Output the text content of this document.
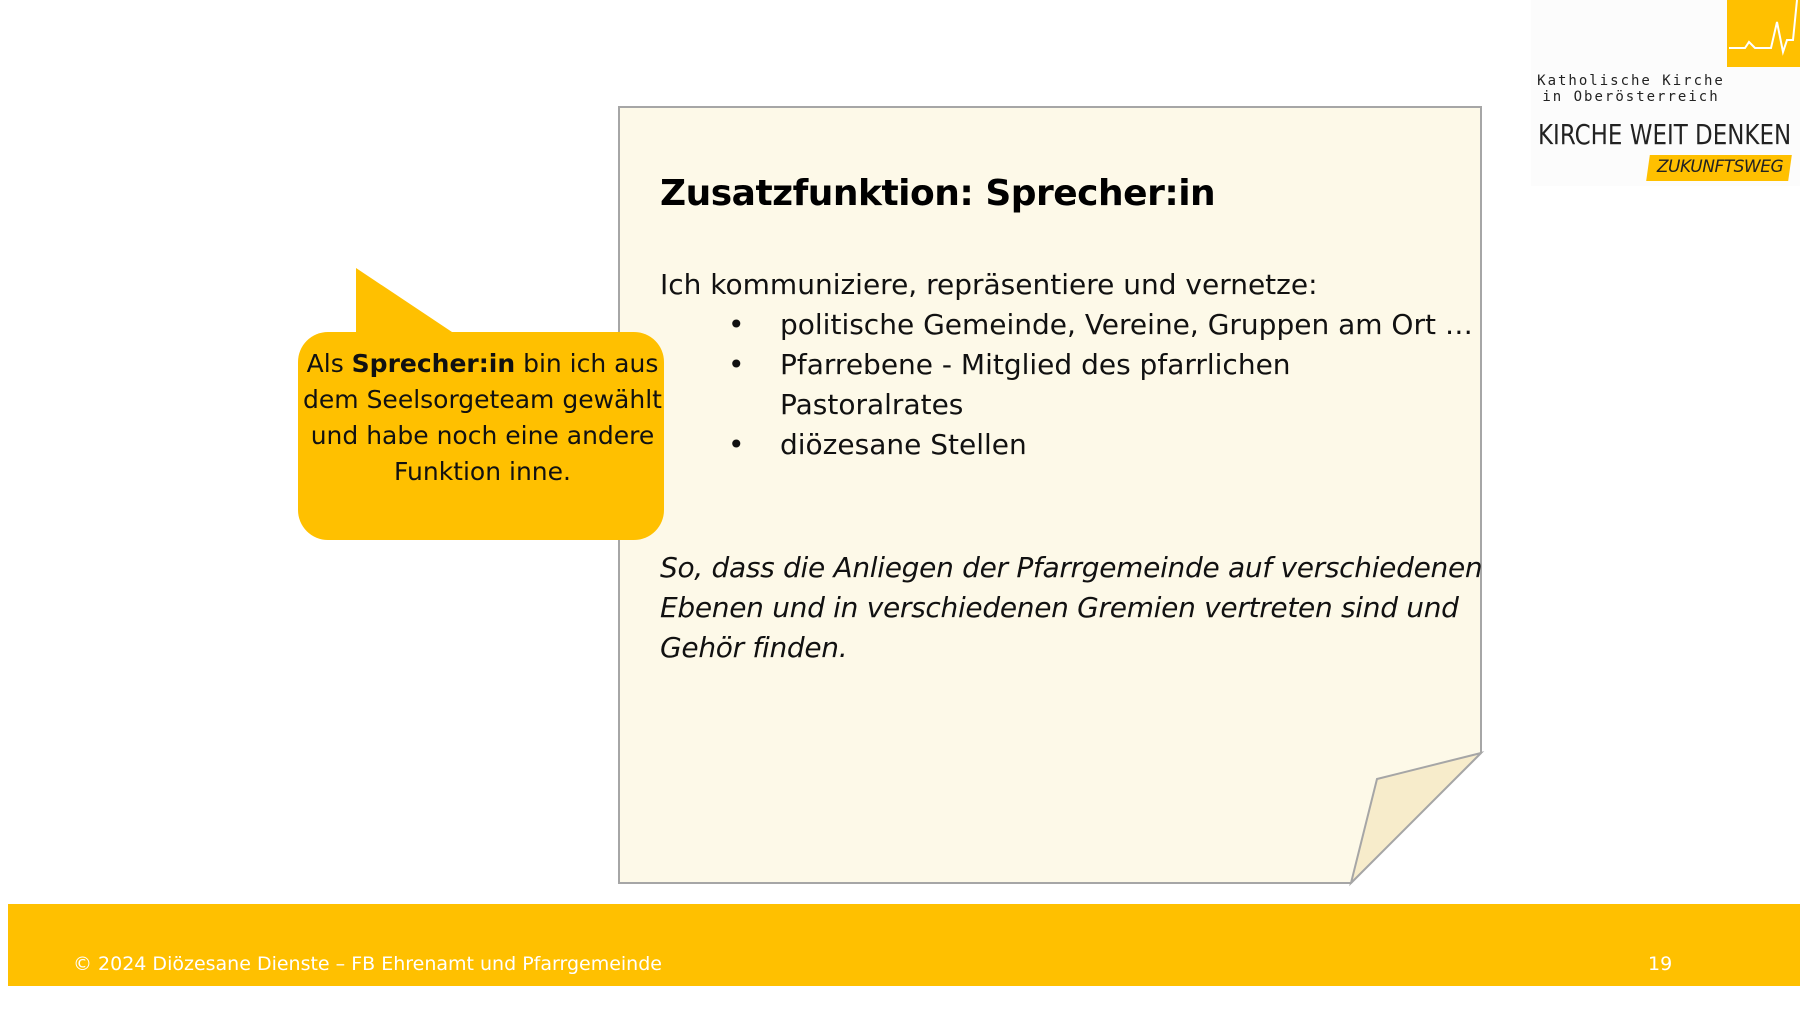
Katholische Kirche
in Oberösterreich
KIRCHE WEIT DENKEN
ZUKUNFTSWEG
Zusatzfunktion: Sprecher:in
Ich kommuniziere, repräsentiere und vernetze:
• politische Gemeinde, Vereine, Gruppen am Ort …
• Pfarrebene - Mitglied des pfarrlichen
Pastoralrates
• diözesane Stellen
So, dass die Anliegen der Pfarrgemeinde auf verschiedenen Ebenen und in verschiedenen Gremien vertreten sind und Gehör finden.
Als Sprecher:in bin ich aus dem Seelsorgeteam gewählt und habe noch eine andere Funktion inne.
© 2024 Diözesane Dienste – FB Ehrenamt und Pfarrgemeinde	19
